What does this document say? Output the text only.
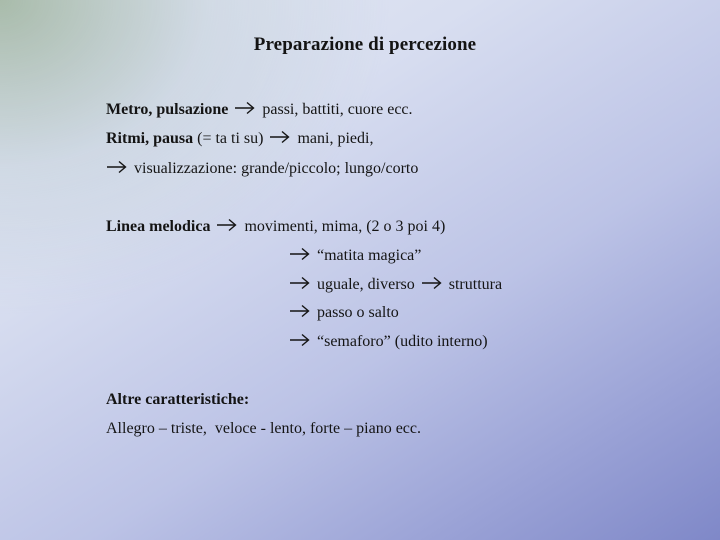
Preparazione di percezione
Metro, pulsazione passi, battiti, cuore ecc.
Ritmi, pausa (= ta ti su) mani, piedi,
visualizzazione: grande/piccolo; lungo/corto
Linea melodica movimenti, mima, (2 o 3 poi 4)
“matita magica”
uguale, diverso struttura
passo o salto
“semaforo” (udito interno)
Altre caratteristiche:
Allegro – triste,  veloce - lento, forte – piano ecc.
